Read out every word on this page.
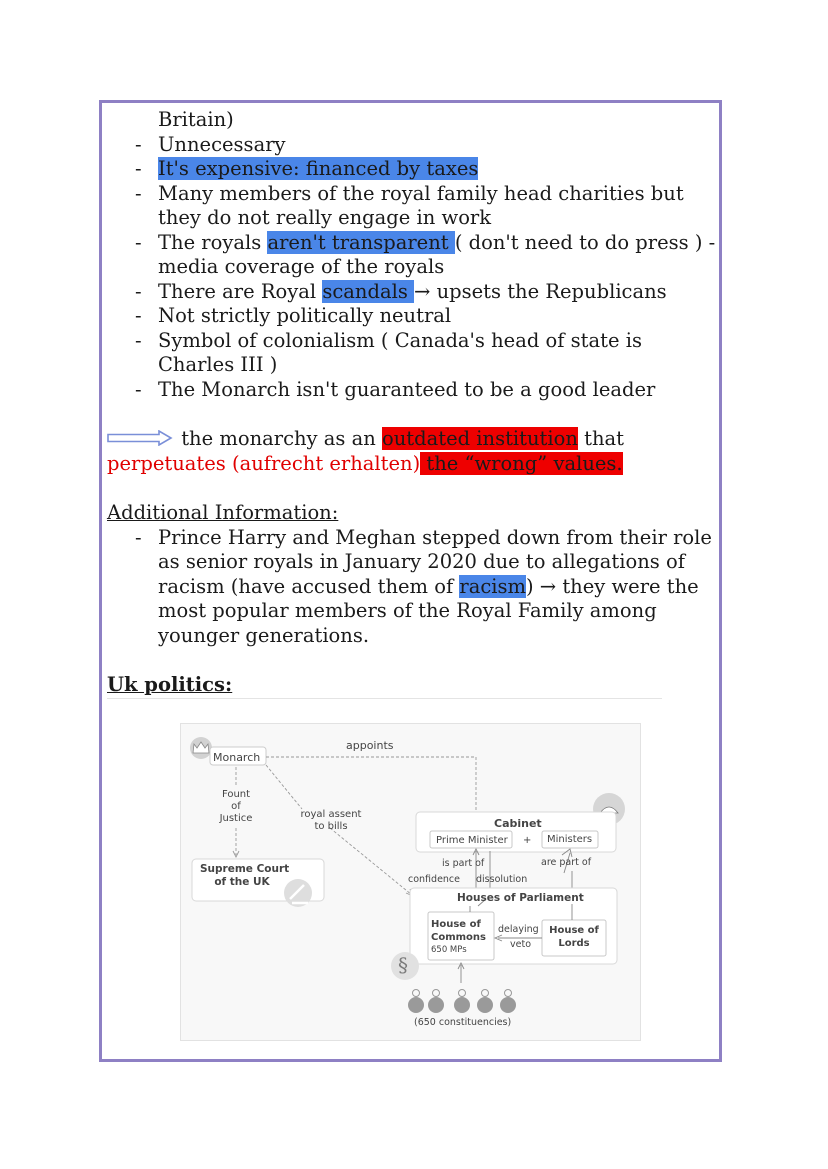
Britain)
- Unnecessary
- It's expensive: financed by taxes
- Many members of the royal family head charities but they do not really engage in work
- The royals aren't transparent ( don't need to do press ) - media coverage of the royals
- There are Royal scandals → upsets the Republicans
- Not strictly politically neutral
- Symbol of colonialism ( Canada's head of state is Charles III )
- The Monarch isn't guaranteed to be a good leader
the monarchy as an outdated institution that
perpetuates (aufrecht erhalten) the “wrong” values.
Additional Information:
- Prince Harry and Meghan stepped down from their role as senior royals in January 2020 due to allegations of racism (have accused them of racism) → they were the most popular members of the Royal Family among younger generations.
Uk politics:
Monarch
appoints
Fount
of
Justice	royal assent
to bills	Cabinet
Prime Minister + Ministers
is part of	are part of
confidence dissolution
Supreme Court
of the UK
Houses of Parliament
House of
Commons
650 MPs
delaying
veto
House of
Lords
§
(650 constituencies)
